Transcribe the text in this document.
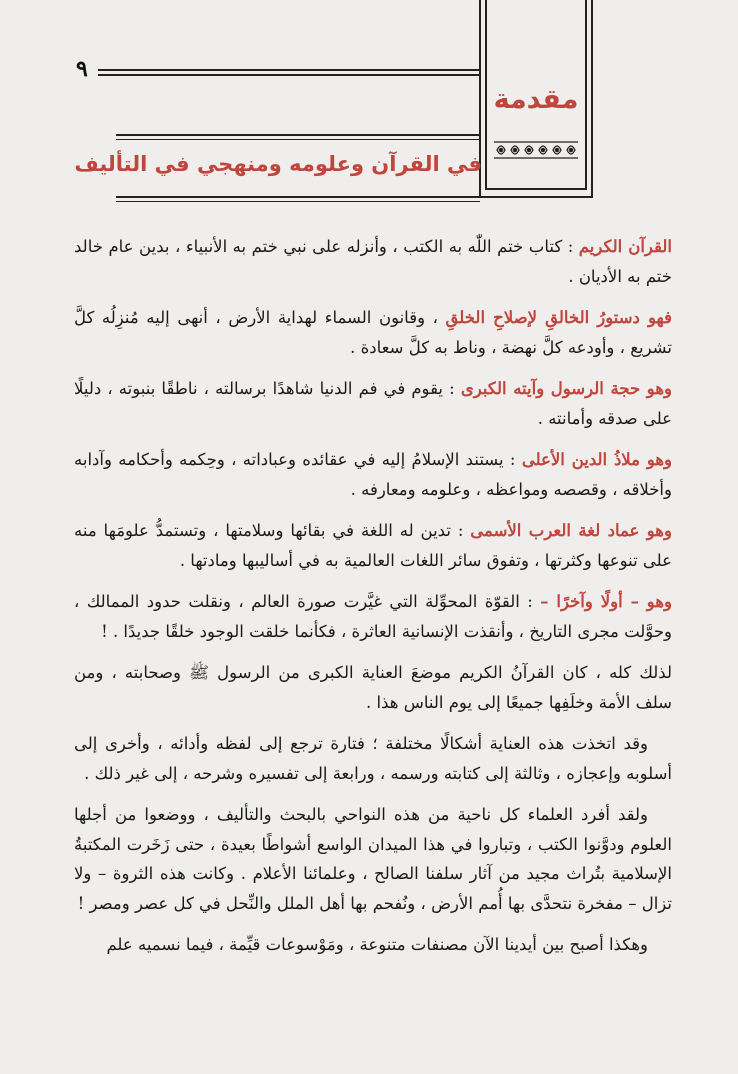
٩
مقدمة
في القرآن وعلومه ومنهجي في التأليف

القرآن الكريم : كتاب ختم اللّٰه به الكتب ، وأنزله على نبي ختم به الأنبياء ، بدين عام خالد ختم به الأديان .

فهو دستورُ الخالقِ لإصلاحِ الخلقِ ، وقانون السماء لهداية الأرض ، أنهى إليه مُنزِلُه كلَّ تشريع ، وأودعه كلَّ نهضة ، وناط به كلَّ سعادة .

وهو حجة الرسول وآيته الكبرى : يقوم في فم الدنيا شاهدًا برسالته ، ناطقًا بنبوته ، دليلًا على صدقه وأمانته .

وهو ملاذُ الدين الأعلى : يستند الإسلامُ إليه في عقائده وعباداته ، وحِكمه وأحكامه وآدابه وأخلاقه ، وقصصه ومواعظه ، وعلومه ومعارفه .

وهو عماد لغة العرب الأسمى : تدين له اللغة في بقائها وسلامتها ، وتستمدُّ علومَها منه على تنوعها وكثرتها ، وتفوق سائر اللغات العالمية به في أساليبها ومادتها .

وهو – أولًا وآخرًا – : القوّة المحوِّلة التي غيَّرت صورة العالم ، ونقلت حدود الممالك ، وحوَّلت مجرى التاريخ ، وأنقذت الإنسانية العاثرة ، فكأنما خلقت الوجود خلقًا جديدًا . !

لذلك كله ، كان القرآنُ الكريم موضعَ العناية الكبرى من الرسول ﷺ وصحابته ، ومن سلف الأمة وخلَفِها جميعًا إلى يوم الناس هذا .

وقد اتخذت هذه العناية أشكالًا مختلفة ؛ فتارة ترجع إلى لفظه وأدائه ، وأخرى إلى أسلوبه وإعجازه ، وثالثة إلى كتابته ورسمه ، ورابعة إلى تفسيره وشرحه ، إلى غير ذلك .

ولقد أفرد العلماء كل ناحية من هذه النواحي بالبحث والتأليف ، ووضعوا من أجلها العلوم ودوَّنوا الكتب ، وتباروا في هذا الميدان الواسع أشواطًا بعيدة ، حتى زَخَرت المكتبةُ الإسلامية بتُراث مجيد من آثار سلفنا الصالح ، وعلمائنا الأعلام . وكانت هذه الثروة – ولا تزال – مفخرة نتحدَّى بها أُمم الأرض ، ونُفحم بها أهل الملل والنِّحل في كل عصر ومصر !

وهكذا أصبح بين أيدينا الآن مصنفات متنوعة ، ومَوْسوعات قيِّمة ، فيما نسميه علم
